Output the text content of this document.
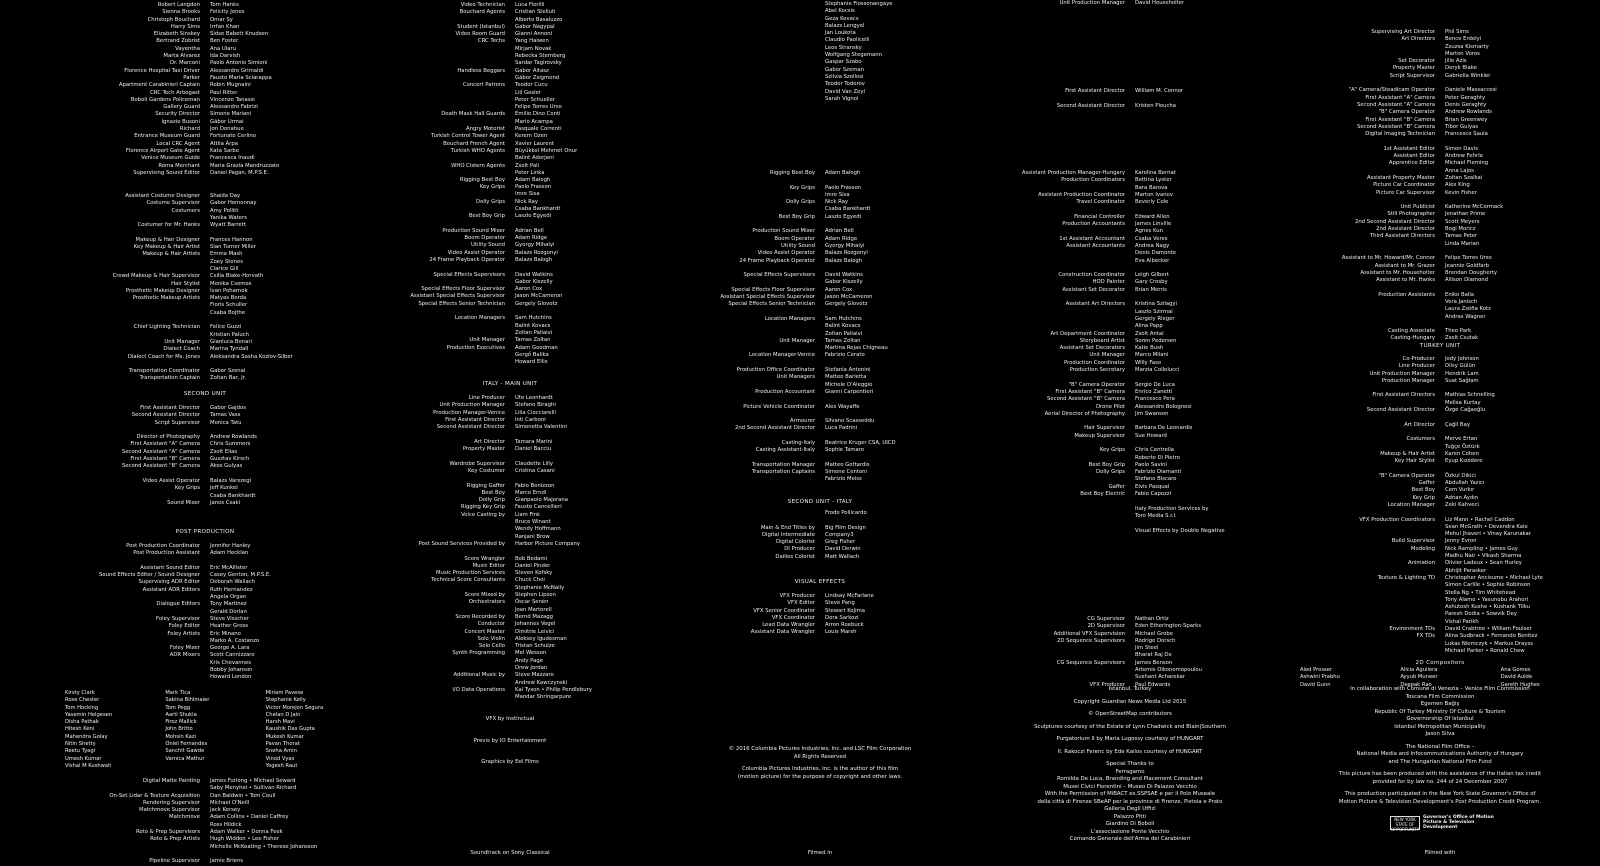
Robert Langdon	Tom Hanks
Sienna Brooks	Felicity Jones
Christoph Bouchard	Omar Sy
Harry Sims	Irrfan Khan
Elizabeth Sinskey	Sidse Babett Knudsen
Bertrand Zobrist	Ben Foster
Vayentha	Ana Ularu
Marta Alvarez	Ida Darvish
Dr. Marconi	Paolo Antonio Simioni
Florence Hospital Taxi Driver	Alessandro Grimaldi
Parker	Fausto Maria Sciarappa
Apartment Carabinieri Captain	Robin Mugnaini
CRC Tech Arbogast	Paul Ritter
Boboli Gardens Policeman	Vincenzo Tanassi
Gallery Guard	Alessandro Fabrizi
Security Director	Simone Mariani
Ignazio Busoni	Gábor Urmai
Richard	Jon Donahue
Entrance Museum Guard	Fortunato Cerlino
Local CRC Agent	Attila Árpa
Florence Airport Gate Agent	Kata Sarbo
Venice Museum Guide	Francesca Inaudi
Roma Merchant	Maria Grazia Mandruzzato
Supervising Sound Editor	Daniel Pagan, M.P.S.E.
Assistant Costume Designer	Shaida Day
Costume Supervisor	Gabor Homonnay
Costumers	Amy Pollitt
Yanika Waters
Costumer for Mr. Hanks	Wyatt Barrett
Makeup & Hair Designer	Frances Hannon
Key Makeup & Hair Artist	Sian Turner Miller
Makeup & Hair Artists	Emma Mash
Zoey Stones
Clarice Gill
Crowd Makeup & Hair Supervisor	Csilla Blake-Horvath
Hair Stylist	Monika Csomos
Prosthetic Makeup Designer	Ivan Poharnok
Prosthetic Makeup Artists	Matyas Borda
Floris Schuller
Csaba Bojthe
Chief Lighting Technician	Felice Guzzi
Kristian Paluch
Unit Manager	Gianluca Bonari
Dialect Coach	Marina Tyndall
Dialect Coach for Ms. Jones	Aleksandra Sasha Kozlov-Silber
Transportation Coordinator	Gabor Szenai
Transportation Captain	Zoltan Bar, Jr.
SECOND UNIT
First Assistant Director	Gabor Gajdos
Second Assistant Director	Tamas Vass
Script Supervisor	Monica Tatu
Director of Photography	Andrew Rowlands
First Assistant "A" Camera	Chris Summers
Second Assistant "A" Camera	Zsolt Elias
First Assistant "B" Camera	Gusztav Kirsch
Second Assistant "B" Camera	Akos Gulyas
Video Assist Operator	Balazs Varszegi
Key Grips	Jeff Kunkel
Csaba Bankhardt
Sound Mixer	Janos Csaki
POST PRODUCTION
Post Production Coordinator	Jennifer Hanley
Post Production Assistant	Adam Hecklan
Assistant Sound Editor	Eric McAllister
Sound Effects Editor / Sound Designer	Casey Genton, M.P.S.E.
Supervising ADR Editor	Deborah Wallach
Assistant ADR Editors	Ruth Hernandez
Angela Organ
Dialogue Editors	Tony Martinez
Gerald Dorlan
Foley Supervisor	Steve Visscher
Foley Editor	Heather Gross
Foley Artists	Eric Minano
Marko A. Costanzo
Foley Mixer	George A. Lara
ADR Mixers	Scott Cannizzaro
Kris Chevannes
Bobby Johanson
Howard London
Kirsty Clark	Mark Tica	Miriam Pavese
Rose Chester	Sabina Bihlmaier	Stephanie Kelly
Tom Hocking	Tom Pegg	Victor Morejon Segura
Yasemin Helgesen	Aarti Shukla	Chelan D Jain
Disha Pathak	Firoz Mallick	Harsh Mavi
Hitesh Keni	John Britto	Kaushik Das Gupta
Mahendra Golay	Mohsin Kazi	Mukesh Kumar
Nitin Shetty	Oniel Fernandes	Pavan Thorat
Reetu Tyagi	Sanchit Gawde	Sneha Amin
Umesh Kumar	Varnica Mathur	Vinod Vyas
Vishal M Kushwah	Yogesh Raut
Digital Matte Painting	James Furlong • Michael Seward
Saby Menyhei • Sullivan Richard
On-Set Lidar & Texture Acquisition	Dan Baldwin • Tom Coull
Rendering Supervisor	Michael O'Neill
Matchmove Supervisor	Jack Kersey
Matchmove	Adam Collins • Daniel Caffrey
Ross Hildick
Roto & Prep Supervisors	Adam Walker • Donna Feek
Roto & Prep Artists	Hugh Widdon • Lee Fisher
Michelle McKeating • Therese Johansson
Pipeline Supervisor	Jamie Briens
Video Technician	Luca Fiorilli
Bouchard Agents	Cristian Stelluti
Alberto Basaluzzo
Student (Istanbul)	Gabor Nagypal
Video Room Guard	Gianni Annoni
CRC Techs	Yang Haiwen
Mirjam Novak
Rebecka Sternberg
Sardar Tagirovsky
Handless Beggars	Gabor Aitasz
Gábor Zsigmond
Concert Patrons	Teodor Cucu
Lili Gesler
Peter Schueller
Felipe Torres Urso
Death Mask Hall Guards	Emilio Dino Conti
Mario Acampa
Angry Motorist	Pasquale Correnti
Turkish Control Tower Agent	Kerem Ozen
Bouchard French Agent	Xavier Laurent
Turkish WHO Agents	Büyükkol Mehmet Onur
Balint Adorjani
WHO Cistern Agents	Zsolt Pali
Peter Linka
Rigging Best Boy	Adam Balogh
Key Grips	Paolo Frasson
Imre Sisa
Dolly Grips	Nick Ray
Csaba Bankhardt
Best Boy Grip	Laszlo Egyedi
Production Sound Mixer	Adrian Bell
Boom Operator	Adam Ridge
Utility Sound	Gyorgy Mihalyi
Video Assist Operator	Balazs Rozgonyi
24 Frame Playback Operator	Balazs Balogh
Special Effects Supervisors	David Watkins
Gabor Kiszelly
Special Effects Floor Supervisor	Aaron Cox
Assistant Special Effects Supervisor	Jason McCameron
Special Effects Senior Technician	Gergely Glovotz
Location Managers	Sam Hutchins
Balint Kovacs
Zoltan Pallaivi
Unit Manager	Tamas Zoltan
Production Executives	Adam Goodman
Gergő Balika
Howard Ellis
ITALY - MAIN UNIT
Line Producer	Ute Leonhardt
Unit Production Manager	Stefano Biraghi
Production Manager-Venice	Lilia Ciocciarelli
First Assistant Director	Inti Carboni
Second Assistant Director	Simonetta Valentini
Art Director	Tamara Marini
Property Master	Daniel Bacciu
Wardrobe Supervisor	Claudette Lilly
Key Costumer	Cristina Casani
Rigging Gaffer	Fabio Bonizzon
Best Boy	Marco Erndi
Dolly Grip	Gianpaolo Majorana
Rigging Key Grip	Fausto Cancellieri
Voice Casting by	Liam Fink
Bruce Winant
Wendy Hoffmann
Ranjani Brow
Post Sound Services Provided by	Harbor Picture Company
Score Wrangler	Bob Bedami
Music Editor	Daniel Pinder
Music Production Services	Steven Kofsky
Technical Score Consultants	Chuck Choi
Stephanie McNally
Score Mixed by	Stephen Lipson
Orchestrators	Óscar Senén
Joan Martorell
Score Recorded by	Bernd Mazagg
Conductor	Johannes Vogel
Concert Master	Dimitrie Leivici
Solo Violin	Aleksey Igudesman
Solo Cello	Tristan Schulze
Synth Programming	Mel Wesson
Andy Page
Drew Jordan
Additional Music by	Steve Mazzaro
Andrew Kawczynski
I/O Data Operations	Kal Tyson • Philip Pendlebury
Mandar Shringarpure
VFX by Instinctual
Previs by IO Entertainment
Graphics by Eel Films
Soundtrack on Sony Classical
Stephanie Fiossonangaye
Abel Kocsis
Geza Kovacs
Balazs Lengyel
Jan Loukota
Claudio Paolicelli
Leos Stransky
Wolfgang Stegemann
Gaspar Szabo
Gabor Szeman
Szilvia Szollosi
Teodor Todorov
David Van Zeyl
Sarah Vignol
Rigging Best Boy	Adam Balogh
Key Grips	Paolo Frasson
Imre Sisa
Dolly Grips	Nick Ray
Csaba Bankhardt
Best Boy Grip	Laszlo Egyedi
Production Sound Mixer	Adrian Bell
Boom Operator	Adam Ridge
Utility Sound	Gyorgy Mihalyi
Video Assist Operator	Balazs Rozgonyi
24 Frame Playback Operator	Balazs Balogh
Special Effects Supervisors	David Watkins
Gabor Kiszelly
Special Effects Floor Supervisor	Aaron Cox
Assistant Special Effects Supervisor	Jason McCameron
Special Effects Senior Technician	Gergely Glovotz
Location Managers	Sam Hutchins
Balint Kovacs
Zoltan Pallaivi
Unit Manager	Tamas Zoltan
Martina Rojas Chigneau
Location Manager-Venice	Fabrizio Cerato
Production Office Coordinator	Stefania Antonini
Unit Managers	Matteo Barletta
Michele D'Aleggio
Production Accountant	Gianni Carpentieri
Picture Vehicle Coordinator	Alex Wayaffe
Armourer	Silvano Scasseddu
2nd Second Assistant Director	Luca Padrini
Casting-Italy	Beatrice Kruger CSA, UICD
Casting Assistant-Italy	Sophie Tamaro
Transportation Manager	Matteo Gottardis
Transportation Captains	Simone Centoni
Fabrizio Meiss
SECOND UNIT - ITALY
Frodo Pollicardo
Main & End Titles by	Big Film Design
Digital Intermediate	Company3
Digital Colorist	Greg Fisher
DI Producer	David Derwin
Dailies Colorist	Matt Wallach
VISUAL EFFECTS
VFX Producer	Lindsay McFarlane
VFX Editor	Steve Pang
VFX Senior Coordinator	Stewart Kojima
VFX Coordinator	Dora Sarkozi
Lead Data Wrangler	Arron Roebuck
Assistant Data Wrangler	Louis Marsh
© 2016 Columbia Pictures Industries, Inc. and LSC Film Corporation
All Rights Reserved
Columbia Pictures Industries, Inc. is the author of this film
(motion picture) for the purpose of copyright and other laws.
Filmed in
Unit Production Manager	David Householter
First Assistant Director	William M. Connor
Second Assistant Director	Kristen Ploucha
Assistant Production Manager-Hungary	Karolina Bernat
Production Coordinators	Bettina Lyster
Bara Barova
Assistant Production Coordinator	Marton Ivanov
Travel Coordinator	Beverly Cole
Financial Controller	Edward Allen
Production Accountants	James Linville
Agnes Kun
1st Assistant Accountant	Csaba Veres
Assistant Accountants	Andrea Nagy
Denis Damonte
Eva Albecker
Construction Coordinator	Leigh Gilbert
HOD Painter	Gary Crosby
Assistant Set Decorator	Brian Morris
Assistant Art Directors	Kristina Szilagyi
Laszlo Szirmai
Gergely Rieger
Alina Papp
Art Department Coordinator	Zsolt Antal
Storyboard Artist	Soren Pedersen
Assistant Set Decorators	Katie Bush
Unit Manager	Marco Milani
Production Coordinator	Willy Faso
Production Secretary	Marzia Collelucci
"B" Camera Operator	Sergio De Luca
First Assistant "B" Camera	Enrico Zanetti
Second Assistant "B" Camera	Francesco Pera
Drone Pilot	Alessandro Bolognesi
Aerial Director of Photography	Jim Swanson
Hair Supervisor	Barbara De Leonardis
Makeup Supervisor	Sue Howard
Key Grips	Chris Centrella
Roberto Di Pietro
Best Boy Grip	Paolo Savini
Dolly Grips	Fabrizio Diamanti
Stefano Biscaro
Gaffer	Elvis Pasqual
Best Boy Electric	Fabio Capozzi
Italy Production Services by
Toro Media S.r.l.
Visual Effects by Double Negative
CG Supervisor	Nathan Ortiz
2D Supervisor	Eden Etherington-Sparks
Additional VFX Supervision	Michael Grobe
2D Sequence Supervisors	Rodrigo Dorsch
Jim Steel
Bharat Raj De
CG Sequence Supervisors	James Benson
Artemis Oikonomopoulou
Sushant Acharekar
VFX Producer	Paul Edwards
Istanbul, Turkey
Copyright Guardian News Media Ltd 2015
© OpenStreetMap contributors
Sculptures courtesy of the Estate of Lynn Chadwick and Blain|Southern
Purgatorium II by Maria Lugossy courtesy of HUNGART
II. Rakoczi Ferenc by Ede Kallos courtesy of HUNGART
Special Thanks to
Ferragamo
Romilda De Luca, Branding and Placement Consultant
Musei Civici Fiorentini – Museo Di Palazzo Vecchio
With the Permission of MiBACT es.SSPSAE e per il Polo Museale
della città di Firenze SBeAP per le province di Firenze, Pistoia e Prato
Galleria Degli Uffizi
Palazzo Pitti
Giardino Di Boboli
L'associazione Ponte Vecchio
Comando Generale dell'Arma dei Carabinieri
Supervising Art Director	Phil Sims
Art Directors	Bence Erdelyi
Zsuzsa Kismarty
Marton Voros
Set Decorator	Jille Azis
Property Master	Deryk Blake
Script Supervisor	Gabriella Winkler
"A" Camera/Steadicam Operator	Daniele Massaccesi
First Assistant "A" Camera	Peter Geraghty
Second Assistant "A" Camera	Denis Geraghty
"B" Camera Operator	Andrew Rowlands
First Assistant "B" Camera	Brian Greenwey
Second Assistant "B" Camera	Tibor Gulyas
Digital Imaging Technician	Francesco Saula
1st Assistant Editor	Simon Davis
Assistant Editor	Andrew Fehrle
Apprentice Editor	Michael Fleming
Anna Lajos
Assistant Property Master	Zoltan Szalkai
Picture Car Coordinator	Alex King
Picture Car Supervisor	Kevin Fisher
Unit Publicist	Katherine McCormack
Still Photographer	Jonathan Prime
2nd Second Assistant Director	Scott Meyers
2nd Assistant Director	Bogi Moricz
Third Assistant Directors	Tamas Peter
Linda Marian
Assistant to Mr. Howard/Mr. Connor	Felipe Torres Urso
Assistant to Mr. Grazer	Jeannie Goldfarb
Assistant to Mr. Householter	Brendan Dougherty
Assistant to Mr. Hanks	Allison Diamond
Production Assistants	Eniko Balla
Vera Janisch
Laura Zsófia Kotz
Andras Wagner
Casting Associate	Theo Park
Casting-Hungary	Zsolt Csutak
TURKEY UNIT
Co-Producer	Jody Johnson
Line Producer	Dilsy Gülün
Unit Production Manager	Hendrik Lam
Production Manager	Suat Sağlam
First Assistant Directors	Mathias Schnelling
Melisa Kurtay
Second Assistant Director	Özge Cağaoğlu
Art Director	Çağil Bay
Costumers	Merve Ertan
Tuğçe Öztürk
Makeup & Hair Artist	Karen Cohen
Key Hair Stylist	Eyup Kızıldere
"B" Camera Operator	Özkul Dikici
Gaffer	Abdullah Yazıcı
Best Boy	Cem Vurkır
Key Grip	Adnan Aydın
Location Manager	Zeki Kahveci
VFX Production Coordinators	Liz Mann • Rachel Caddon
Sean McGrath • Devendra Kale
Mehul Jhaveri • Vinay Karunakar
Build Supervisor	Jenny Evron
Modeling	Nick Rampling • James Guy
Madhu Nair • Vikash Sharma
Animation	Olivier Ladeux • Sean Hurley
Abhijit Parasker
Texture & Lighting TD	Christopher Ancisume • Michael Lyte
Simon Carlile • Sophie Robinson
Stella Ng • Tim Whitehead
Tony Alamo • Yasunobu Arahori
Ashutosh Kushe • Kushank Tilku
Paresh Dodia • Sowvik Dey
Vishal Parikh
Environment TDs	David Crabtree • William Foulser
FX TDs	Alina Sudbrack • Fernando Benitez
Lukas Niemczyk • Markus Drayss
Michael Parker • Ronald Chew
2D Compositors
Aled Prosser	Alicia Aguilera	Ana Gomes
Ashwini Prabhu	Ayyub Muneer	David Aulde
David Gunn	Deepak Rao	Gareth Hughes
In collaboration with Comune di Venezia – Venice Film Commission
Toscana Film Commission
Egemen Bağiş
Republic Of Turkey Ministry Of Culture & Tourism
Governorship Of Istanbul
Istanbul Metropolitan Municipality
Jason Silva
The National Film Office –
National Media and Infocommunications Authority of Hungary
and The Hungarian National Film Fund
This picture has been produced with the assistance of the Italian tax credit
provided for by law no. 244 of 24 December 2007
This production participated in the New York State Governor's Office of
Motion Picture & Television Development's Post Production Credit Program.
NEW YORK STATE OF OPPORTUNITY
Governor's Office of Motion Picture & Television Development
Filmed with
